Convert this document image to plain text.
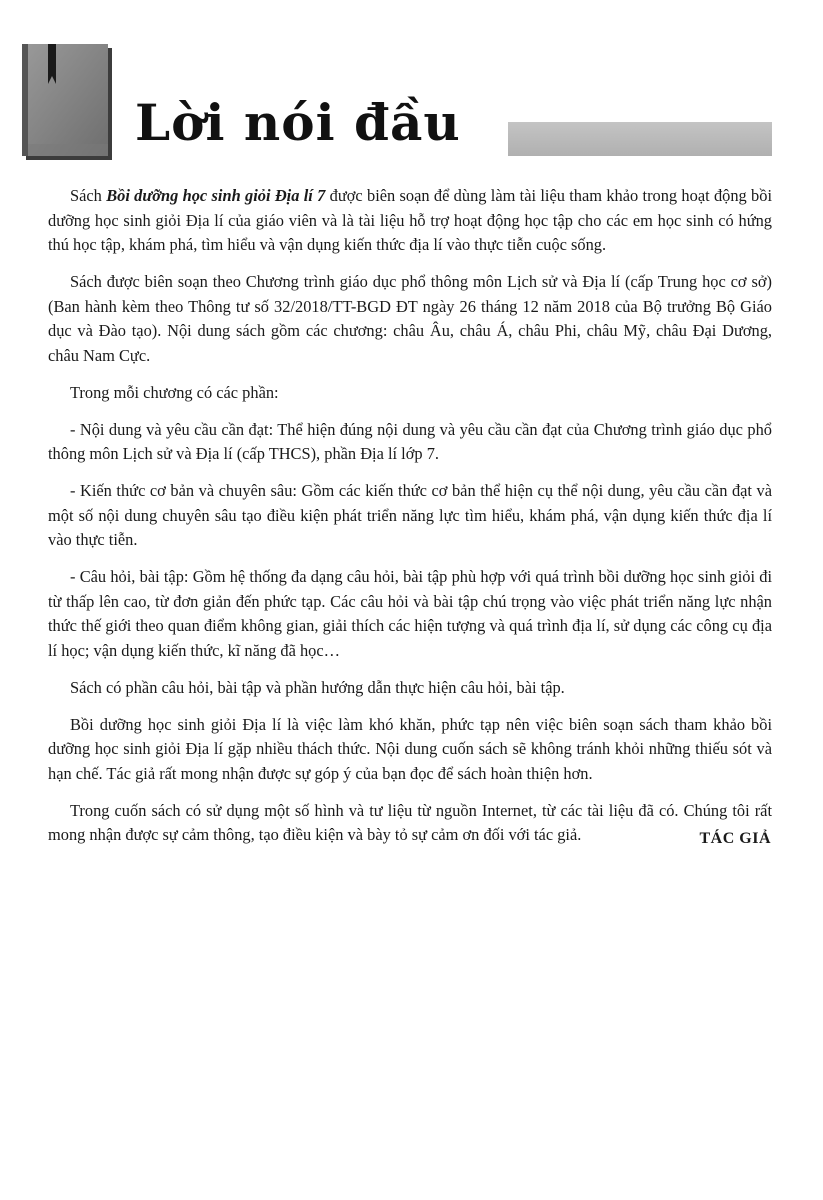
Lời nói đầu

Sách Bồi dưỡng học sinh giỏi Địa lí 7 được biên soạn để dùng làm tài liệu tham khảo trong hoạt động bồi dưỡng học sinh giỏi Địa lí của giáo viên và là tài liệu hỗ trợ hoạt động học tập cho các em học sinh có hứng thú học tập, khám phá, tìm hiểu và vận dụng kiến thức địa lí vào thực tiễn cuộc sống.

Sách được biên soạn theo Chương trình giáo dục phổ thông môn Lịch sử và Địa lí (cấp Trung học cơ sở) (Ban hành kèm theo Thông tư số 32/2018/TT-BGD ĐT ngày 26 tháng 12 năm 2018 của Bộ trưởng Bộ Giáo dục và Đào tạo). Nội dung sách gồm các chương: châu Âu, châu Á, châu Phi, châu Mỹ, châu Đại Dương, châu Nam Cực.

Trong mỗi chương có các phần:

- Nội dung và yêu cầu cần đạt: Thể hiện đúng nội dung và yêu cầu cần đạt của Chương trình giáo dục phổ thông môn Lịch sử và Địa lí (cấp THCS), phần Địa lí lớp 7.

- Kiến thức cơ bản và chuyên sâu: Gồm các kiến thức cơ bản thể hiện cụ thể nội dung, yêu cầu cần đạt và một số nội dung chuyên sâu tạo điều kiện phát triển năng lực tìm hiểu, khám phá, vận dụng kiến thức địa lí vào thực tiễn.

- Câu hỏi, bài tập: Gồm hệ thống đa dạng câu hỏi, bài tập phù hợp với quá trình bồi dưỡng học sinh giỏi đi từ thấp lên cao, từ đơn giản đến phức tạp. Các câu hỏi và bài tập chú trọng vào việc phát triển năng lực nhận thức thế giới theo quan điểm không gian, giải thích các hiện tượng và quá trình địa lí, sử dụng các công cụ địa lí học; vận dụng kiến thức, kĩ năng đã học…

Sách có phần câu hỏi, bài tập và phần hướng dẫn thực hiện câu hỏi, bài tập.

Bồi dưỡng học sinh giỏi Địa lí là việc làm khó khăn, phức tạp nên việc biên soạn sách tham khảo bồi dưỡng học sinh giỏi Địa lí gặp nhiều thách thức. Nội dung cuốn sách sẽ không tránh khỏi những thiếu sót và hạn chế. Tác giả rất mong nhận được sự góp ý của bạn đọc để sách hoàn thiện hơn.

Trong cuốn sách có sử dụng một số hình và tư liệu từ nguồn Internet, từ các tài liệu đã có. Chúng tôi rất mong nhận được sự cảm thông, tạo điều kiện và bày tỏ sự cảm ơn đối với tác giả.	TÁC GIẢ
